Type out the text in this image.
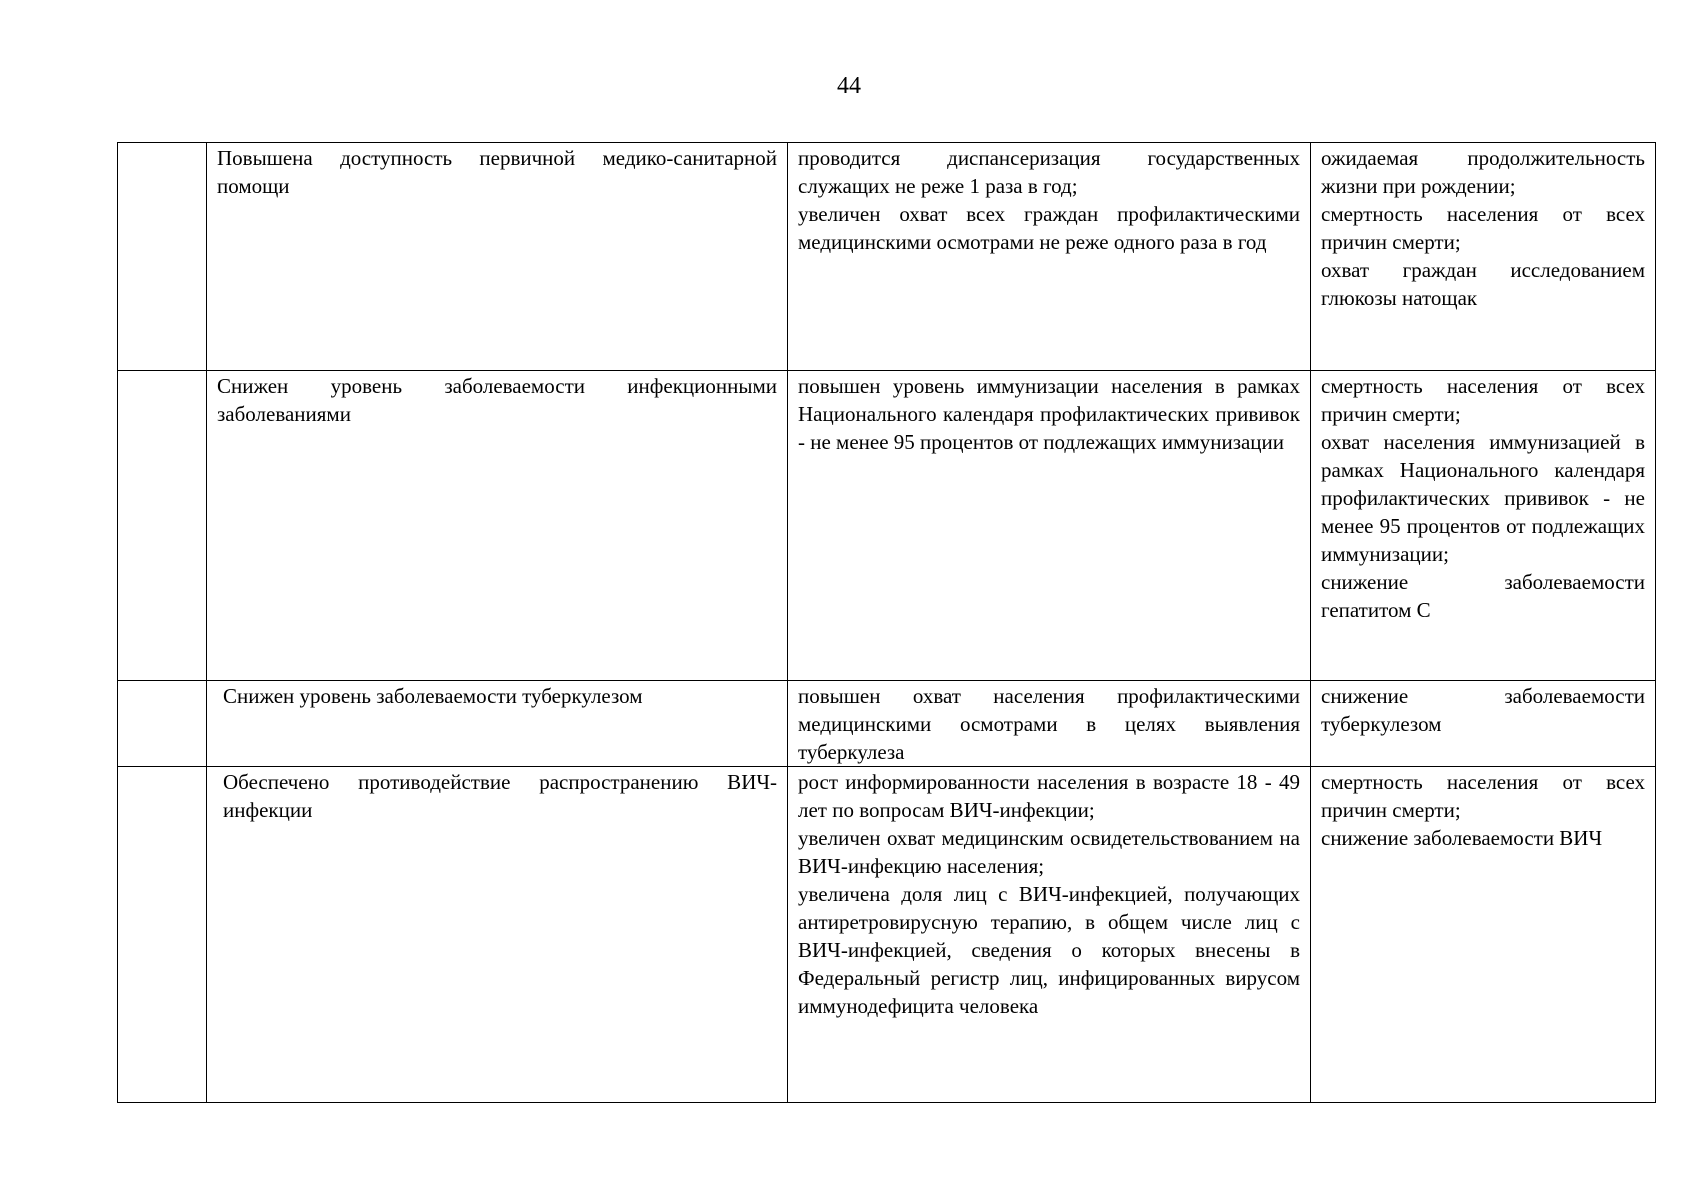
44

	Повышена доступность первичной медико-санитарной помощи	проводится диспансеризация государственных служащих не реже 1 раза в год;
увеличен охват всех граждан профилактическими медицинскими осмотрами не реже одного раза в год	ожидаемая продолжительность жизни при рождении;
смертность населения от всех причин смерти;
охват граждан исследованием глюкозы натощак

	Снижен уровень заболеваемости инфекционными заболеваниями	повышен уровень иммунизации населения в рамках Национального календаря профилактических прививок - не менее 95 процентов от подлежащих иммунизации	смертность населения от всех причин смерти;
охват населения иммунизацией в рамках Национального календаря профилактических прививок - не менее 95 процентов от подлежащих иммунизации;
снижение заболеваемости гепатитом С

	Снижен уровень заболеваемости туберкулезом	повышен охват населения профилактическими медицинскими осмотрами в целях выявления туберкулеза	снижение заболеваемости туберкулезом

	Обеспечено противодействие распространению ВИЧ-инфекции	рост информированности населения в возрасте 18 - 49 лет по вопросам ВИЧ-инфекции;
увеличен охват медицинским освидетельствованием на ВИЧ-инфекцию населения;
увеличена доля лиц с ВИЧ-инфекцией, получающих антиретровирусную терапию, в общем числе лиц с ВИЧ-инфекцией, сведения о которых внесены в Федеральный регистр лиц, инфицированных вирусом иммунодефицита человека	смертность населения от всех причин смерти;
снижение заболеваемости ВИЧ
